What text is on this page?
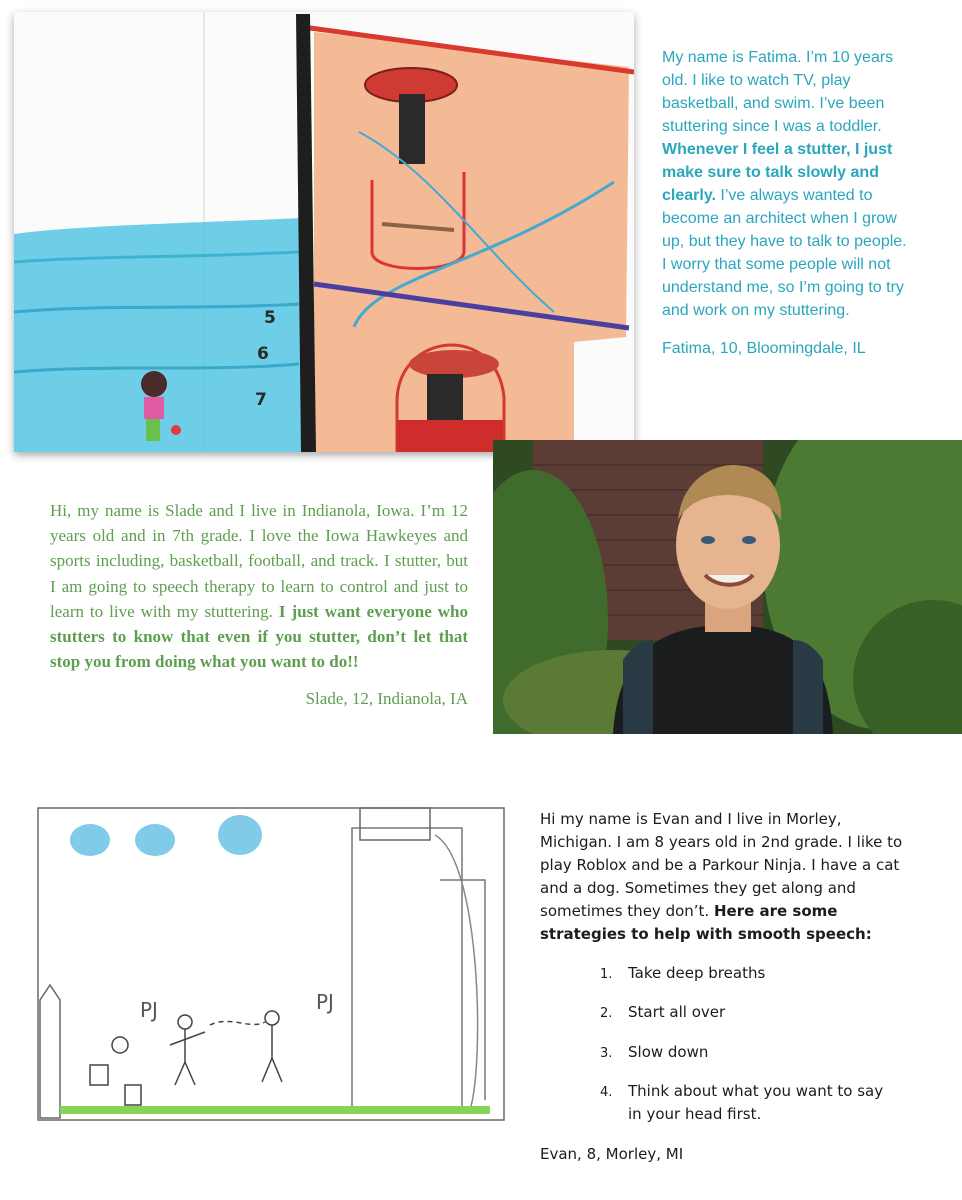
5
6
7

My name is Fatima. I’m 10 years old. I like to watch TV, play basketball, and swim. I’ve been stuttering since I was a toddler. Whenever I feel a stutter, I just make sure to talk slowly and clearly. I’ve always wanted to become an architect when I grow up, but they have to talk to people. I worry that some people will not understand me, so I’m going to try and work on my stuttering.

Fatima, 10, Bloomingdale, IL

Hi, my name is Slade and I live in Indianola, Iowa. I’m 12 years old and in 7th grade. I love the Iowa Hawkeyes and sports including, basketball, football, and track. I stutter, but I am going to speech therapy to learn to control and just to learn to live with my stuttering. I just want everyone who stutters to know that even if you stutter, don’t let that stop you from doing what you want to do!!

Slade, 12, Indianola, IA

PJ	PJ

Hi my name is Evan and I live in Morley, Michigan. I am 8 years old in 2nd grade. I like to play Roblox and be a Parkour Ninja. I have a cat and a dog. Sometimes they get along and sometimes they don’t. Here are some strategies to help with smooth speech:

1. Take deep breaths
2. Start all over
3. Slow down
4. Think about what you want to say in your head first.
Evan, 8, Morley, MI
